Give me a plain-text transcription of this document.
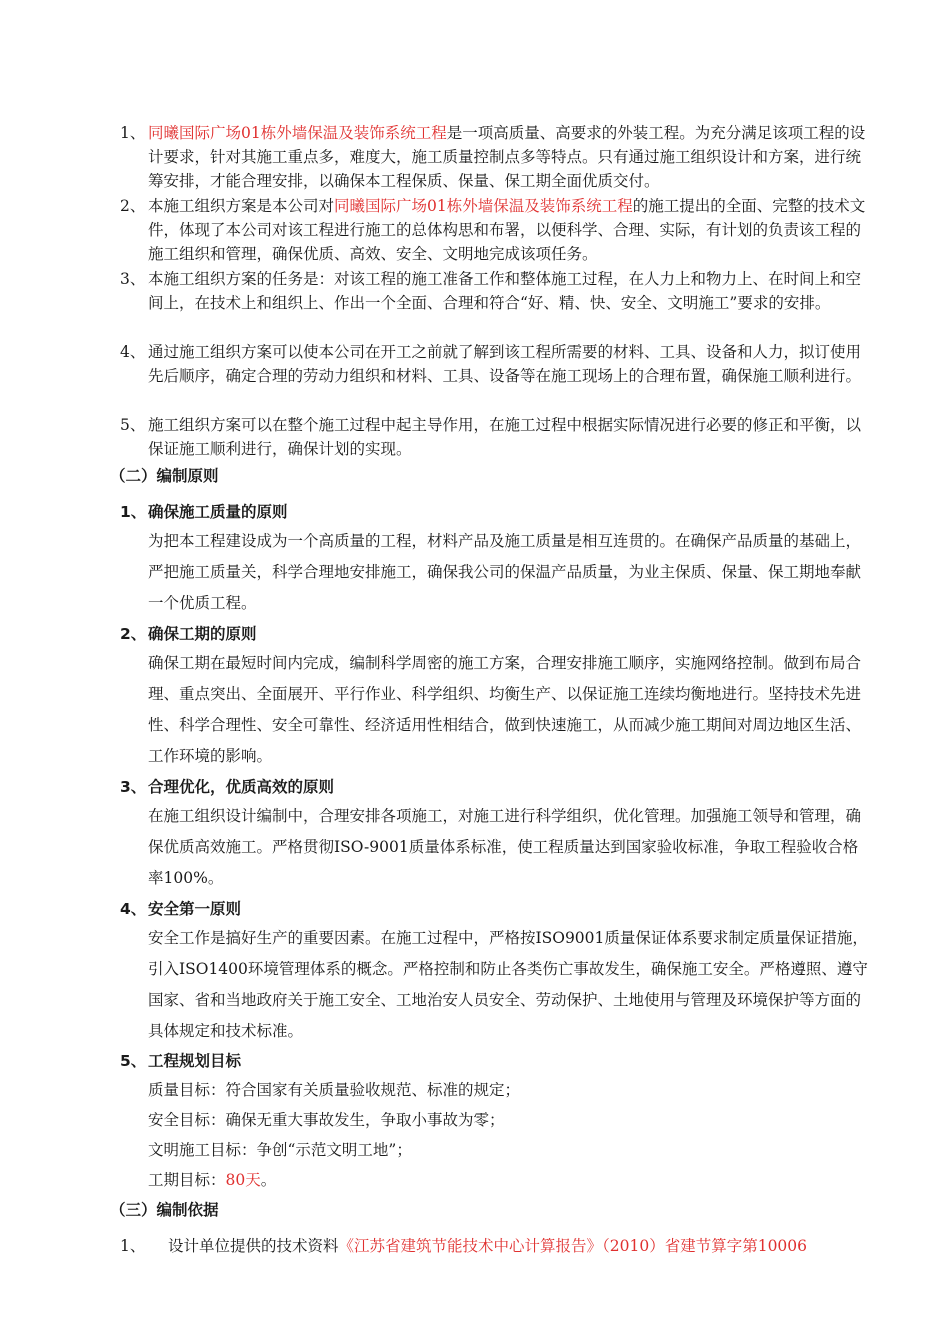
1、 同曦国际广场01栋外墙保温及装饰系统工程是一项高质量、高要求的外装工程。为充分满足该项工程的设计要求，针对其施工重点多，难度大，施工质量控制点多等特点。只有通过施工组织设计和方案，进行统筹安排，才能合理安排，以确保本工程保质、保量、保工期全面优质交付。
2、 本施工组织方案是本公司对同曦国际广场01栋外墙保温及装饰系统工程的施工提出的全面、完整的技术文件，体现了本公司对该工程进行施工的总体构思和布署，以便科学、合理、实际，有计划的负责该工程的施工组织和管理，确保优质、高效、安全、文明地完成该项任务。
3、 本施工组织方案的任务是：对该工程的施工准备工作和整体施工过程，在人力上和物力上、在时间上和空间上，在技术上和组织上、作出一个全面、合理和符合“好、精、快、安全、文明施工”要求的安排。
4、 通过施工组织方案可以使本公司在开工之前就了解到该工程所需要的材料、工具、设备和人力，拟订使用先后顺序，确定合理的劳动力组织和材料、工具、设备等在施工现场上的合理布置，确保施工顺利进行。
5、 施工组织方案可以在整个施工过程中起主导作用，在施工过程中根据实际情况进行必要的修正和平衡，以保证施工顺利进行，确保计划的实现。
（二）编制原则
1、 确保施工质量的原则
为把本工程建设成为一个高质量的工程，材料产品及施工质量是相互连贯的。在确保产品质量的基础上，严把施工质量关，科学合理地安排施工，确保我公司的保温产品质量，为业主保质、保量、保工期地奉献一个优质工程。
2、 确保工期的原则
确保工期在最短时间内完成，编制科学周密的施工方案，合理安排施工顺序，实施网络控制。做到布局合理、重点突出、全面展开、平行作业、科学组织、均衡生产、以保证施工连续均衡地进行。坚持技术先进性、科学合理性、安全可靠性、经济适用性相结合，做到快速施工，从而减少施工期间对周边地区生活、工作环境的影响。
3、 合理优化，优质高效的原则
在施工组织设计编制中，合理安排各项施工，对施工进行科学组织，优化管理。加强施工领导和管理，确保优质高效施工。严格贯彻ISO-9001质量体系标准，使工程质量达到国家验收标准，争取工程验收合格率100%。
4、 安全第一原则
安全工作是搞好生产的重要因素。在施工过程中，严格按ISO9001质量保证体系要求制定质量保证措施，引入ISO1400环境管理体系的概念。严格控制和防止各类伤亡事故发生，确保施工安全。严格遵照、遵守国家、省和当地政府关于施工安全、工地治安人员安全、劳动保护、土地使用与管理及环境保护等方面的具体规定和技术标准。
5、 工程规划目标
质量目标：符合国家有关质量验收规范、标准的规定；
安全目标：确保无重大事故发生，争取小事故为零；
文明施工目标：争创“示范文明工地”；
工期目标：80天。
（三）编制依据
1、 设计单位提供的技术资料《江苏省建筑节能技术中心计算报告》（2010）省建节算字第10006
